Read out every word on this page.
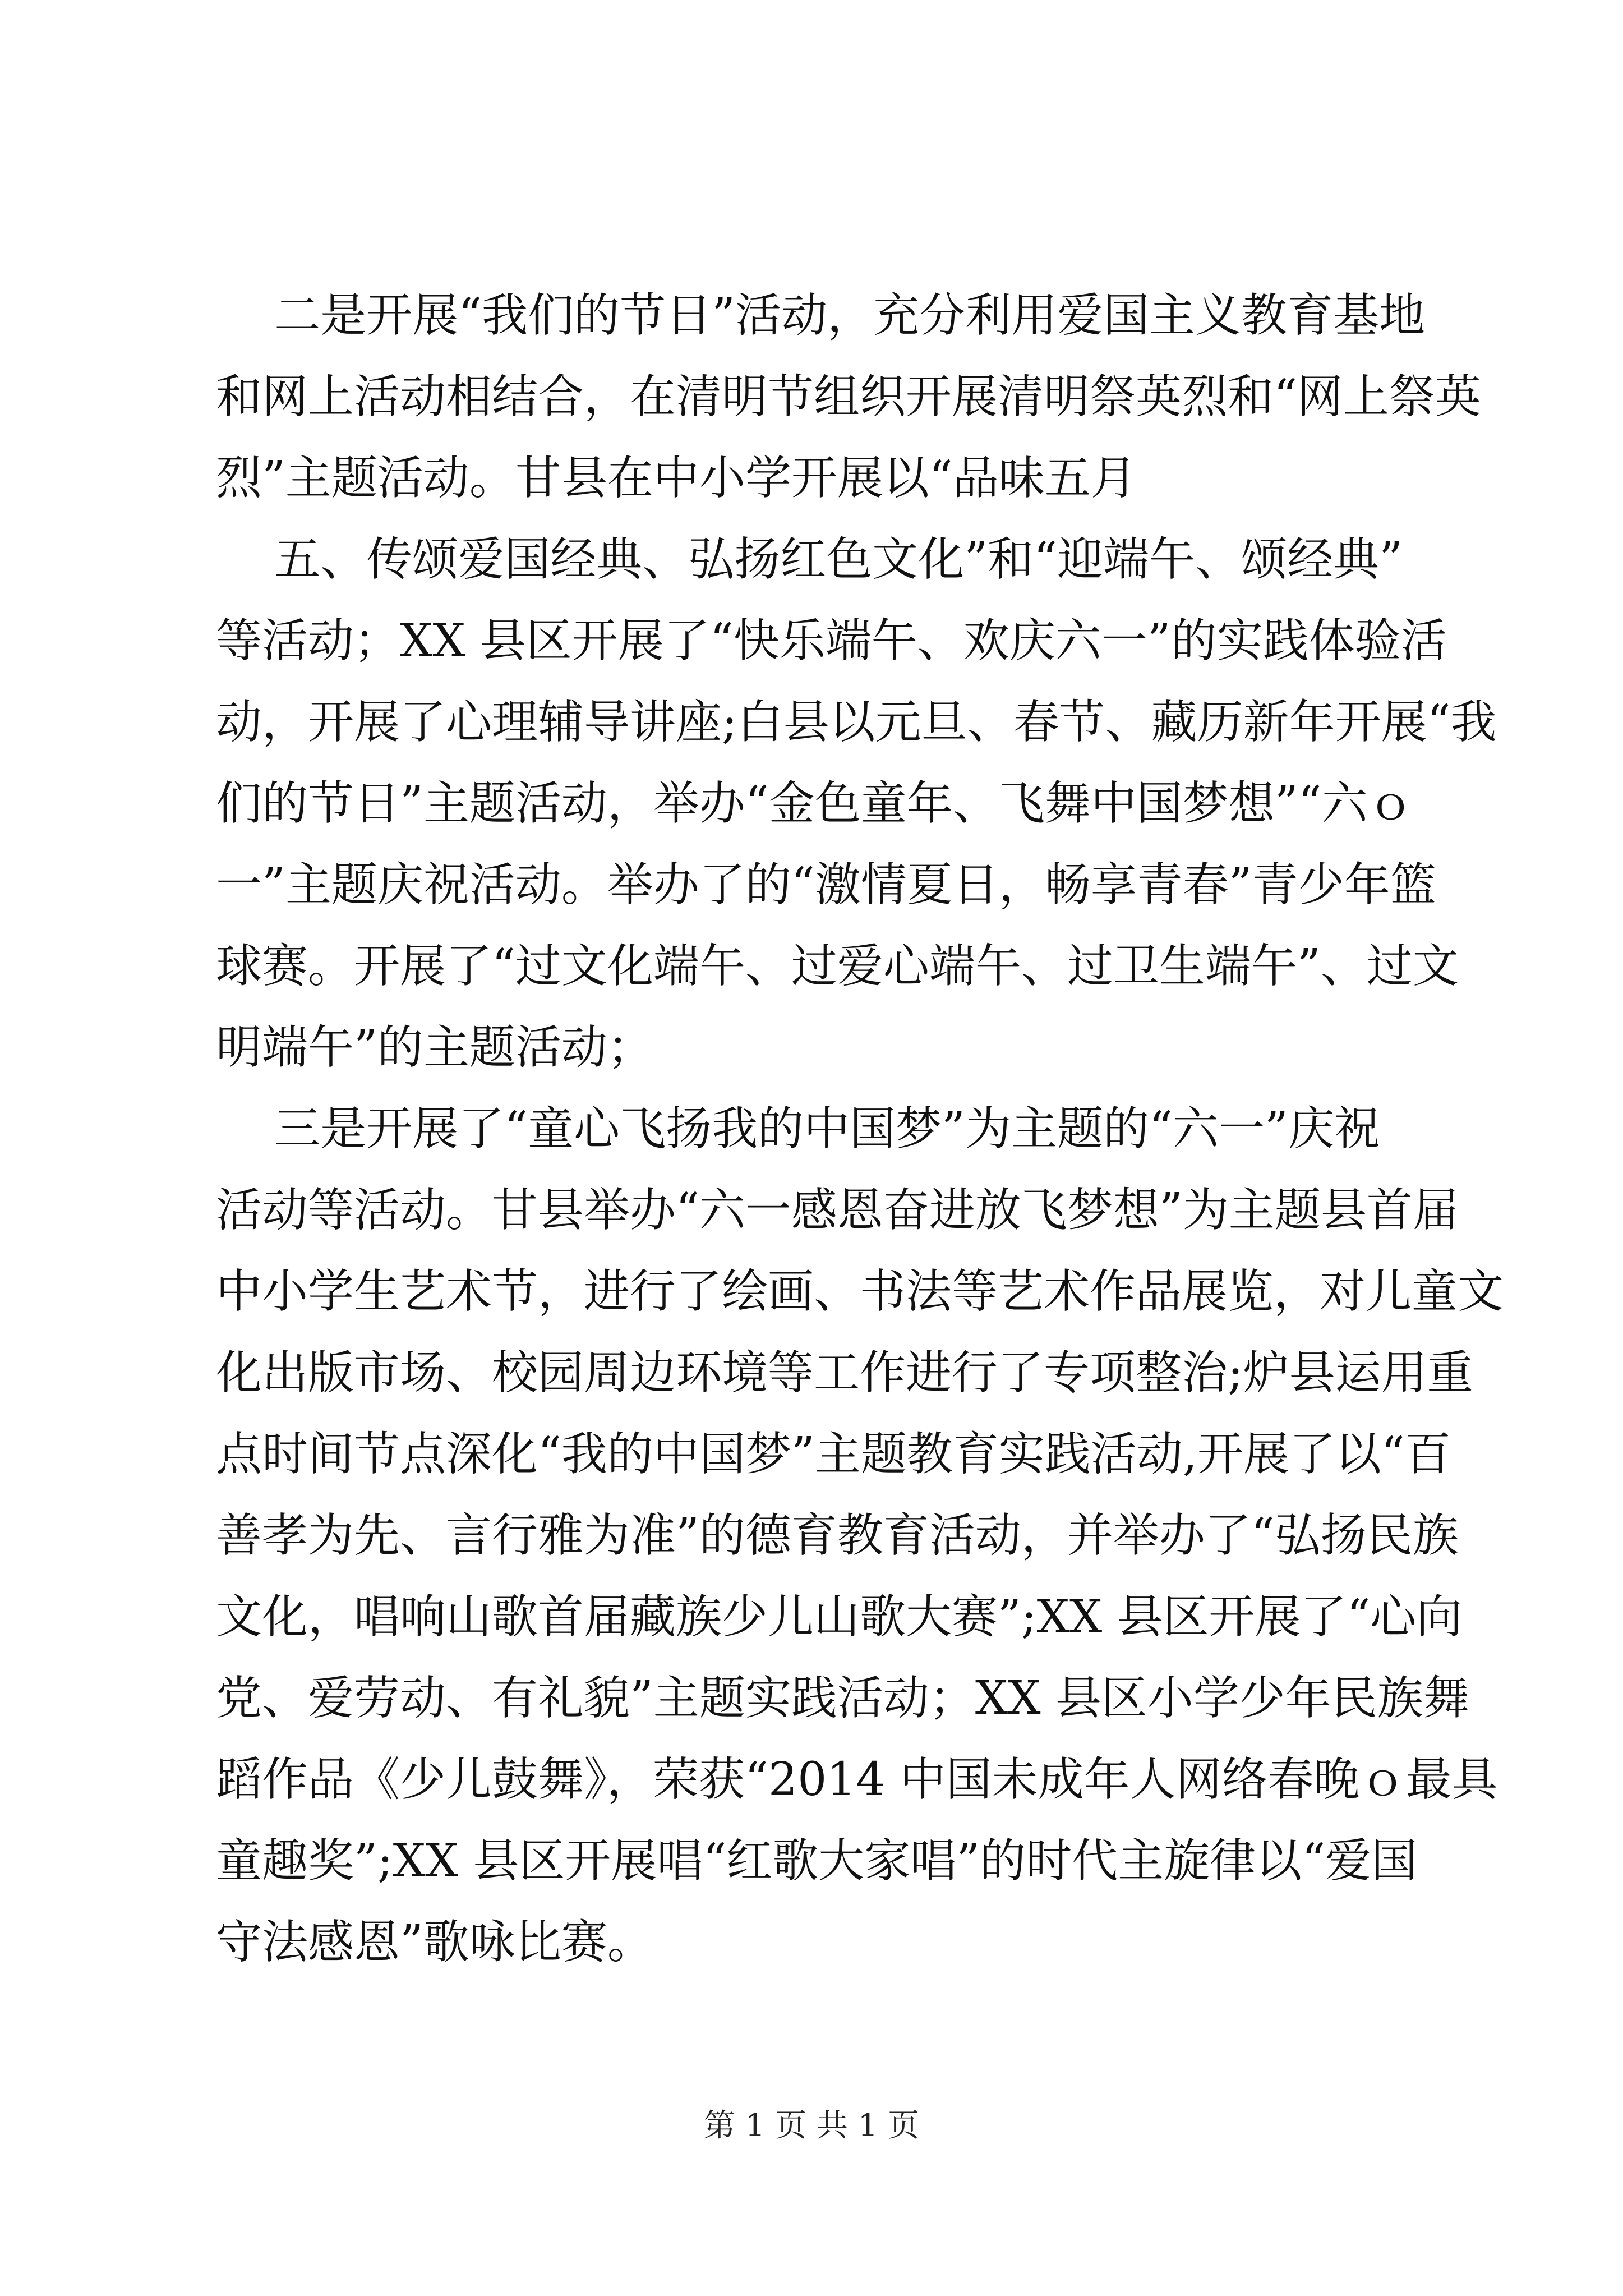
二是开展“我们的节日”活动，充分利用爱国主义教育基地
和网上活动相结合，在清明节组织开展清明祭英烈和“网上祭英
烈”主题活动。甘县在中小学开展以“品味五月
五、传颂爱国经典、弘扬红色文化”和“迎端午、颂经典”
等活动；XX 县区开展了“快乐端午、欢庆六一”的实践体验活
动，开展了心理辅导讲座;白县以元旦、春节、藏历新年开展“我
们的节日”主题活动，举办“金色童年、飞舞中国梦想”“六ｏ
一”主题庆祝活动。举办了的“激情夏日，畅享青春”青少年篮
球赛。开展了“过文化端午、过爱心端午、过卫生端午”、过文
明端午”的主题活动；
三是开展了“童心飞扬我的中国梦”为主题的“六一”庆祝
活动等活动。甘县举办“六一感恩奋进放飞梦想”为主题县首届
中小学生艺术节，进行了绘画、书法等艺术作品展览，对儿童文
化出版市场、校园周边环境等工作进行了专项整治;炉县运用重
点时间节点深化“我的中国梦”主题教育实践活动,开展了以“百
善孝为先、言行雅为准”的德育教育活动，并举办了“弘扬民族
文化，唱响山歌首届藏族少儿山歌大赛”;XX 县区开展了“心向
党、爱劳动、有礼貌”主题实践活动；XX 县区小学少年民族舞
蹈作品《少儿鼓舞》，荣获“2014 中国未成年人网络春晚ｏ最具
童趣奖”;XX 县区开展唱“红歌大家唱”的时代主旋律以“爱国
守法感恩”歌咏比赛。
第 1 页 共 1 页
